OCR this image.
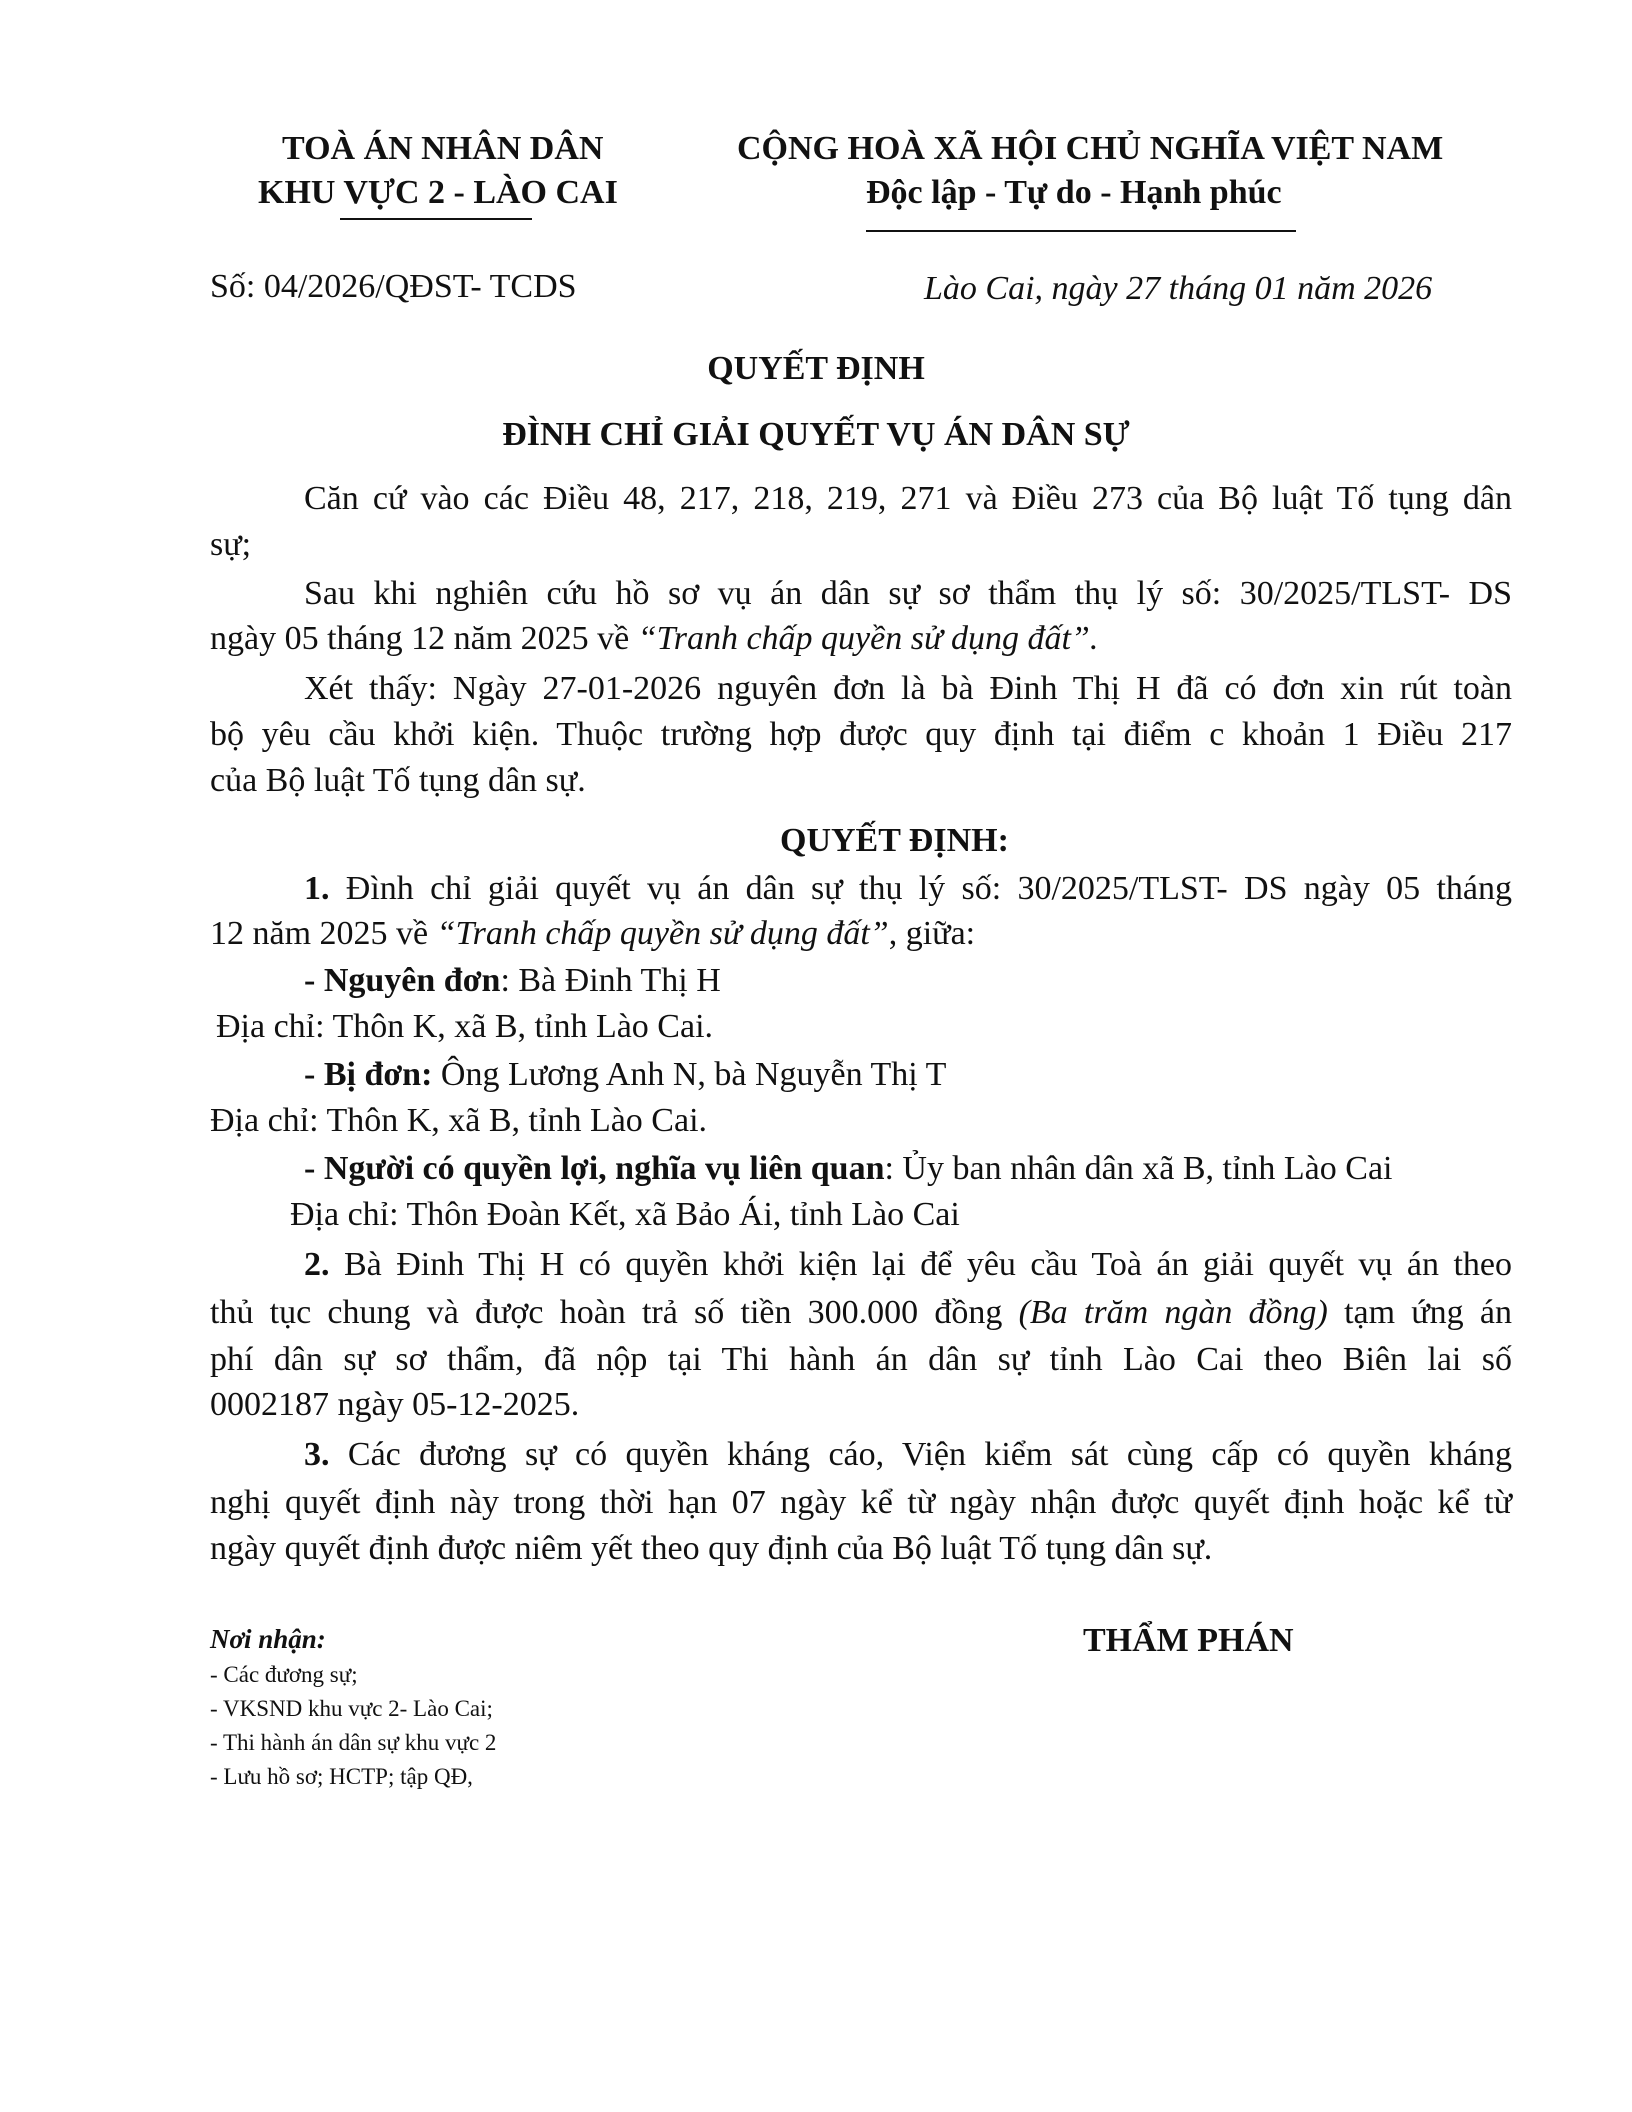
TOÀ ÁN NHÂN DÂN
KHU VỰC 2 - LÀO CAI
CỘNG HOÀ XÃ HỘI CHỦ NGHĨA VIỆT NAM
Độc lập - Tự do - Hạnh phúc
Số: 04/2026/QĐST- TCDS	Lào Cai, ngày 27 tháng 01 năm 2026
QUYẾT ĐỊNH
ĐÌNH CHỈ GIẢI QUYẾT VỤ ÁN DÂN SỰ
Căn cứ vào các Điều 48, 217, 218, 219, 271 và Điều 273 của Bộ luật Tố tụng dân
sự;
Sau khi nghiên cứu hồ sơ vụ án dân sự sơ thẩm thụ lý số: 30/2025/TLST- DS
ngày 05 tháng 12 năm 2025 về “Tranh chấp quyền sử dụng đất”.
Xét thấy: Ngày 27-01-2026 nguyên đơn là bà Đinh Thị H đã có đơn xin rút toàn
bộ yêu cầu khởi kiện. Thuộc trường hợp được quy định tại điểm c khoản 1 Điều 217
của Bộ luật Tố tụng dân sự.
QUYẾT ĐỊNH:
1. Đình chỉ giải quyết vụ án dân sự thụ lý số: 30/2025/TLST- DS ngày 05 tháng
12 năm 2025 về “Tranh chấp quyền sử dụng đất”, giữa:
- Nguyên đơn: Bà Đinh Thị H
Địa chỉ: Thôn K, xã B, tỉnh Lào Cai.
- Bị đơn: Ông Lương Anh N, bà Nguyễn Thị T
Địa chỉ: Thôn K, xã B, tỉnh Lào Cai.
- Người có quyền lợi, nghĩa vụ liên quan: Ủy ban nhân dân xã B, tỉnh Lào Cai
Địa chỉ: Thôn Đoàn Kết, xã Bảo Ái, tỉnh Lào Cai
2. Bà Đinh Thị H có quyền khởi kiện lại để yêu cầu Toà án giải quyết vụ án theo
thủ tục chung và được hoàn trả số tiền 300.000 đồng (Ba trăm ngàn đồng) tạm ứng án
phí dân sự sơ thẩm, đã nộp tại Thi hành án dân sự tỉnh Lào Cai theo Biên lai số
0002187 ngày 05-12-2025.
3. Các đương sự có quyền kháng cáo, Viện kiểm sát cùng cấp có quyền kháng
nghị quyết định này trong thời hạn 07 ngày kể từ ngày nhận được quyết định hoặc kể từ
ngày quyết định được niêm yết theo quy định của Bộ luật Tố tụng dân sự.
Nơi nhận:
- Các đương sự;
- VKSND khu vực 2- Lào Cai;
- Thi hành án dân sự khu vực 2
- Lưu hồ sơ; HCTP; tập QĐ,
THẨM PHÁN
